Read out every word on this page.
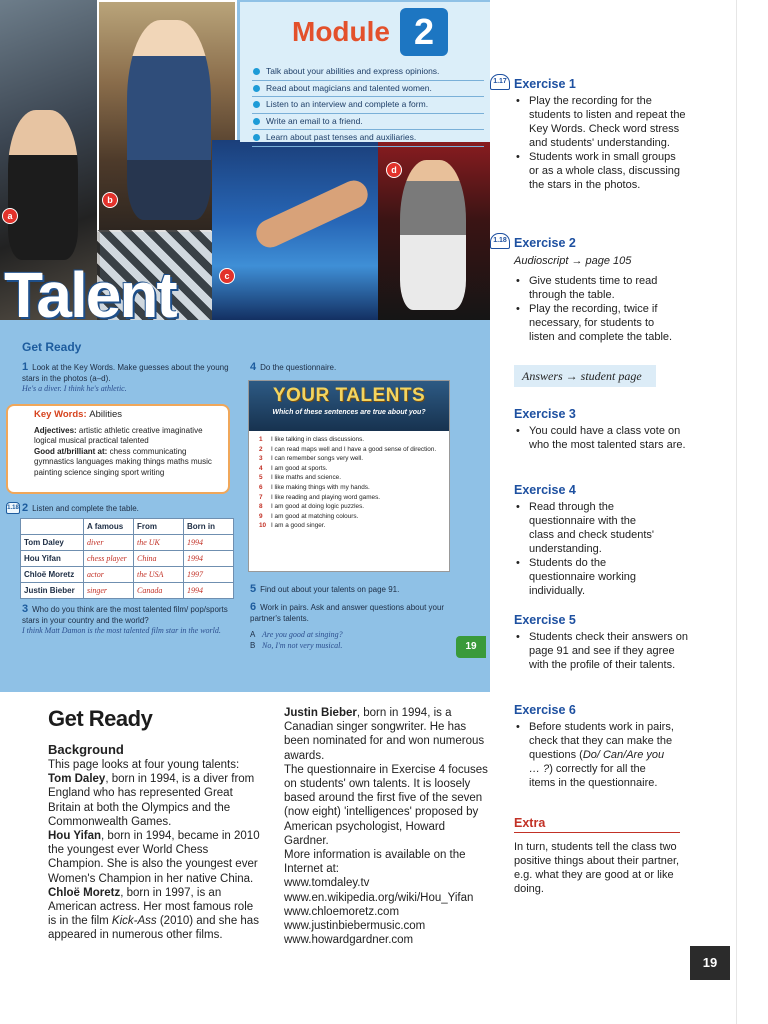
a
b
c
d
Talent
Module 2
Talk about your abilities and express opinions.
Read about magicians and talented women.
Listen to an interview and complete a form.
Write an email to a friend.
Learn about past tenses and auxiliaries.
Get Ready
1 Look at the Key Words. Make guesses about the young stars in the photos (a–d).
He's a diver. I think he's athletic.
Key Words: Abilities
Adjectives: artistic athletic creative imaginative logical musical practical talented
Good at/brilliant at: chess communicating gymnastics languages making things maths music painting science singing sport writing
1.18 2 Listen and complete the table.
	A famous	From	Born in
Tom Daley	diver	the UK	1994
Hou Yifan	chess player	China	1994
Chloë Moretz	actor	the USA	1997
Justin Bieber	singer	Canada	1994
3 Who do you think are the most talented film/ pop/sports stars in your country and the world?
I think Matt Damon is the most talented film star in the world.
4 Do the questionnaire.
YOUR TALENTS
Which of these sentences are true about you?
1 I like talking in class discussions.
2 I can read maps well and I have a good sense of direction.
3 I can remember songs very well.
4 I am good at sports.
5 I like maths and science.
6 I like making things with my hands.
7 I like reading and playing word games.
8 I am good at doing logic puzzles.
9 I am good at matching colours.
10 I am a good singer.
5 Find out about your talents on page 91.
6 Work in pairs. Ask and answer questions about your partner's talents.
A Are you good at singing?
B No, I'm not very musical.	19
1.17 Exercise 1
• Play the recording for the students to listen and repeat the Key Words. Check word stress and students' understanding.
• Students work in small groups or as a whole class, discussing the stars in the photos.
1.18 Exercise 2
Audioscript → page 105
• Give students time to read through the table.
• Play the recording, twice if necessary, for students to listen and complete the table.
Answers → student page
Exercise 3
• You could have a class vote on who the most talented stars are.
Exercise 4
• Read through the questionnaire with the class and check students' understanding.
• Students do the questionnaire working individually.
Exercise 5
• Students check their answers on page 91 and see if they agree with the profile of their talents.
Exercise 6
• Before students work in pairs, check that they can make the questions (Do/ Can/Are you … ?) correctly for all the items in the questionnaire.
Extra
In turn, students tell the class two positive things about their partner, e.g. what they are good at or like doing.
Get Ready
Background
This page looks at four young talents:
Tom Daley, born in 1994, is a diver from England who has represented Great Britain at both the Olympics and the Commonwealth Games.
Hou Yifan, born in 1994, became in 2010 the youngest ever World Chess Champion. She is also the youngest ever Women's Champion in her native China.
Chloë Moretz, born in 1997, is an American actress. Her most famous role is in the film Kick-Ass (2010) and she has appeared in numerous other films.
Justin Bieber, born in 1994, is a Canadian singer songwriter. He has been nominated for and won numerous awards.
The questionnaire in Exercise 4 focuses on students' own talents. It is loosely based around the first five of the seven (now eight) 'intelligences' proposed by American psychologist, Howard Gardner.
More information is available on the Internet at:
www.tomdaley.tv
www.en.wikipedia.org/wiki/Hou_Yifan
www.chloemoretz.com
www.justinbiebermusic.com
www.howardgardner.com
19
